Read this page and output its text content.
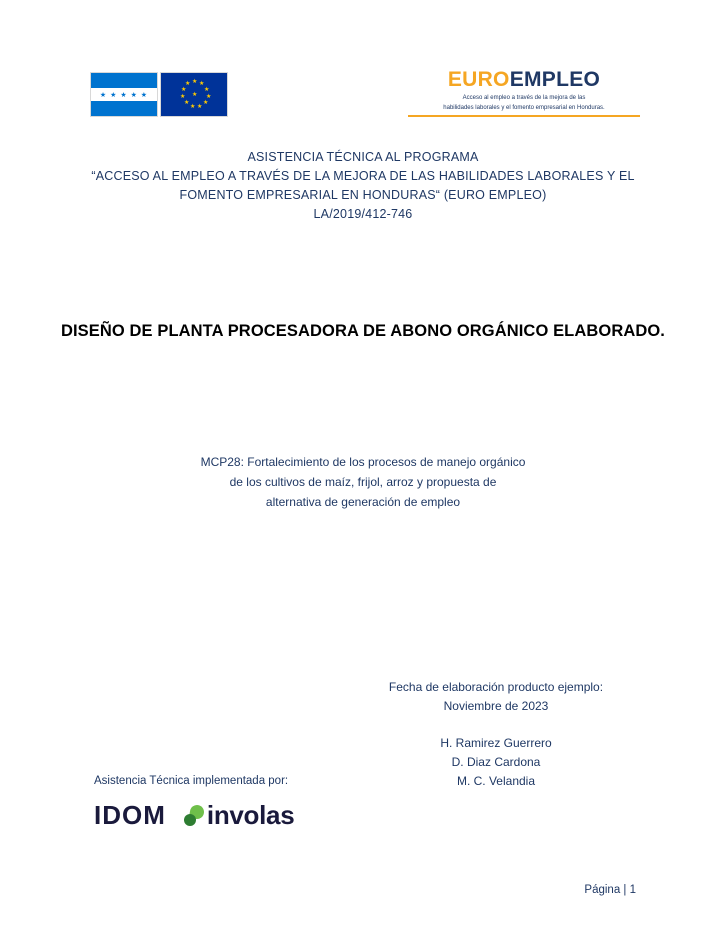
★ ★ ★ ★ ★
★ ★
★
★
★
★
★
★
★
★
★
★
EUROEMPLEO
Acceso al empleo a través de la mejora de las
habilidades laborales y el fomento empresarial en Honduras.
ASISTENCIA TÉCNICA AL PROGRAMA
“ACCESO AL EMPLEO A TRAVÉS DE LA MEJORA DE LAS HABILIDADES LABORALES Y EL
FOMENTO EMPRESARIAL EN HONDURAS“ (EURO EMPLEO)
LA/2019/412-746
DISEÑO DE PLANTA PROCESADORA DE ABONO ORGÁNICO ELABORADO.
MCP28: Fortalecimiento de los procesos de manejo orgánico
de los cultivos de maíz, frijol, arroz y propuesta de
alternativa de generación de empleo
Fecha de elaboración producto ejemplo:
Noviembre de 2023
H. Ramirez Guerrero
D. Diaz Cardona
M. C. Velandia
Asistencia Técnica implementada por:
IDOM involas
Página | 1
